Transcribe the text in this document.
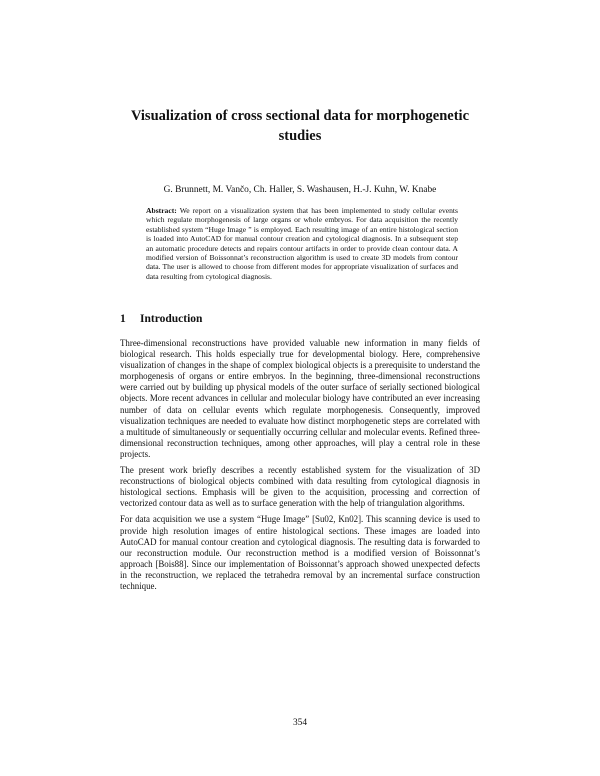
Visualization of cross sectional data for morphogenetic studies
G. Brunnett, M. Vančo, Ch. Haller, S. Washausen, H.-J. Kuhn, W. Knabe
Abstract: We report on a visualization system that has been implemented to study cellular events which regulate morphogenesis of large organs or whole embryos. For data acquisition the recently established system “Huge Image ” is employed. Each resulting image of an entire histological section is loaded into AutoCAD for manual contour creation and cytological diagnosis. In a subsequent step an automatic procedure detects and repairs contour artifacts in order to provide clean contour data. A modified version of Boissonnat’s reconstruction algorithm is used to create 3D models from contour data. The user is allowed to choose from different modes for appropriate visualization of surfaces and data resulting from cytological diagnosis.
1 Introduction

Three-dimensional reconstructions have provided valuable new information in many fields of biological research. This holds especially true for developmental biology. Here, comprehensive visualization of changes in the shape of complex biological objects is a prerequisite to understand the morphogenesis of organs or entire embryos. In the beginning, three-dimensional reconstructions were carried out by building up physical models of the outer surface of serially sectioned biological objects. More recent advances in cellular and molecular biology have contributed an ever increasing number of data on cellular events which regulate morphogenesis. Consequently, improved visualization techniques are needed to evaluate how distinct morphogenetic steps are correlated with a multitude of simultaneously or sequentially occurring cellular and molecular events. Refined three-dimensional reconstruction techniques, among other approaches, will play a central role in these projects.

The present work briefly describes a recently established system for the visualization of 3D reconstructions of biological objects combined with data resulting from cytological diagnosis in histological sections. Emphasis will be given to the acquisition, processing and correction of vectorized contour data as well as to surface generation with the help of triangulation algorithms.

For data acquisition we use a system “Huge Image” [Su02, Kn02]. This scanning device is used to provide high resolution images of entire histological sections. These images are loaded into AutoCAD for manual contour creation and cytological diagnosis. The resulting data is forwarded to our reconstruction module. Our reconstruction method is a modified version of Boissonnat’s approach [Bois88]. Since our implementation of Boissonnat’s approach showed unexpected defects in the reconstruction, we replaced the tetrahedra removal by an incremental surface construction technique.

354
